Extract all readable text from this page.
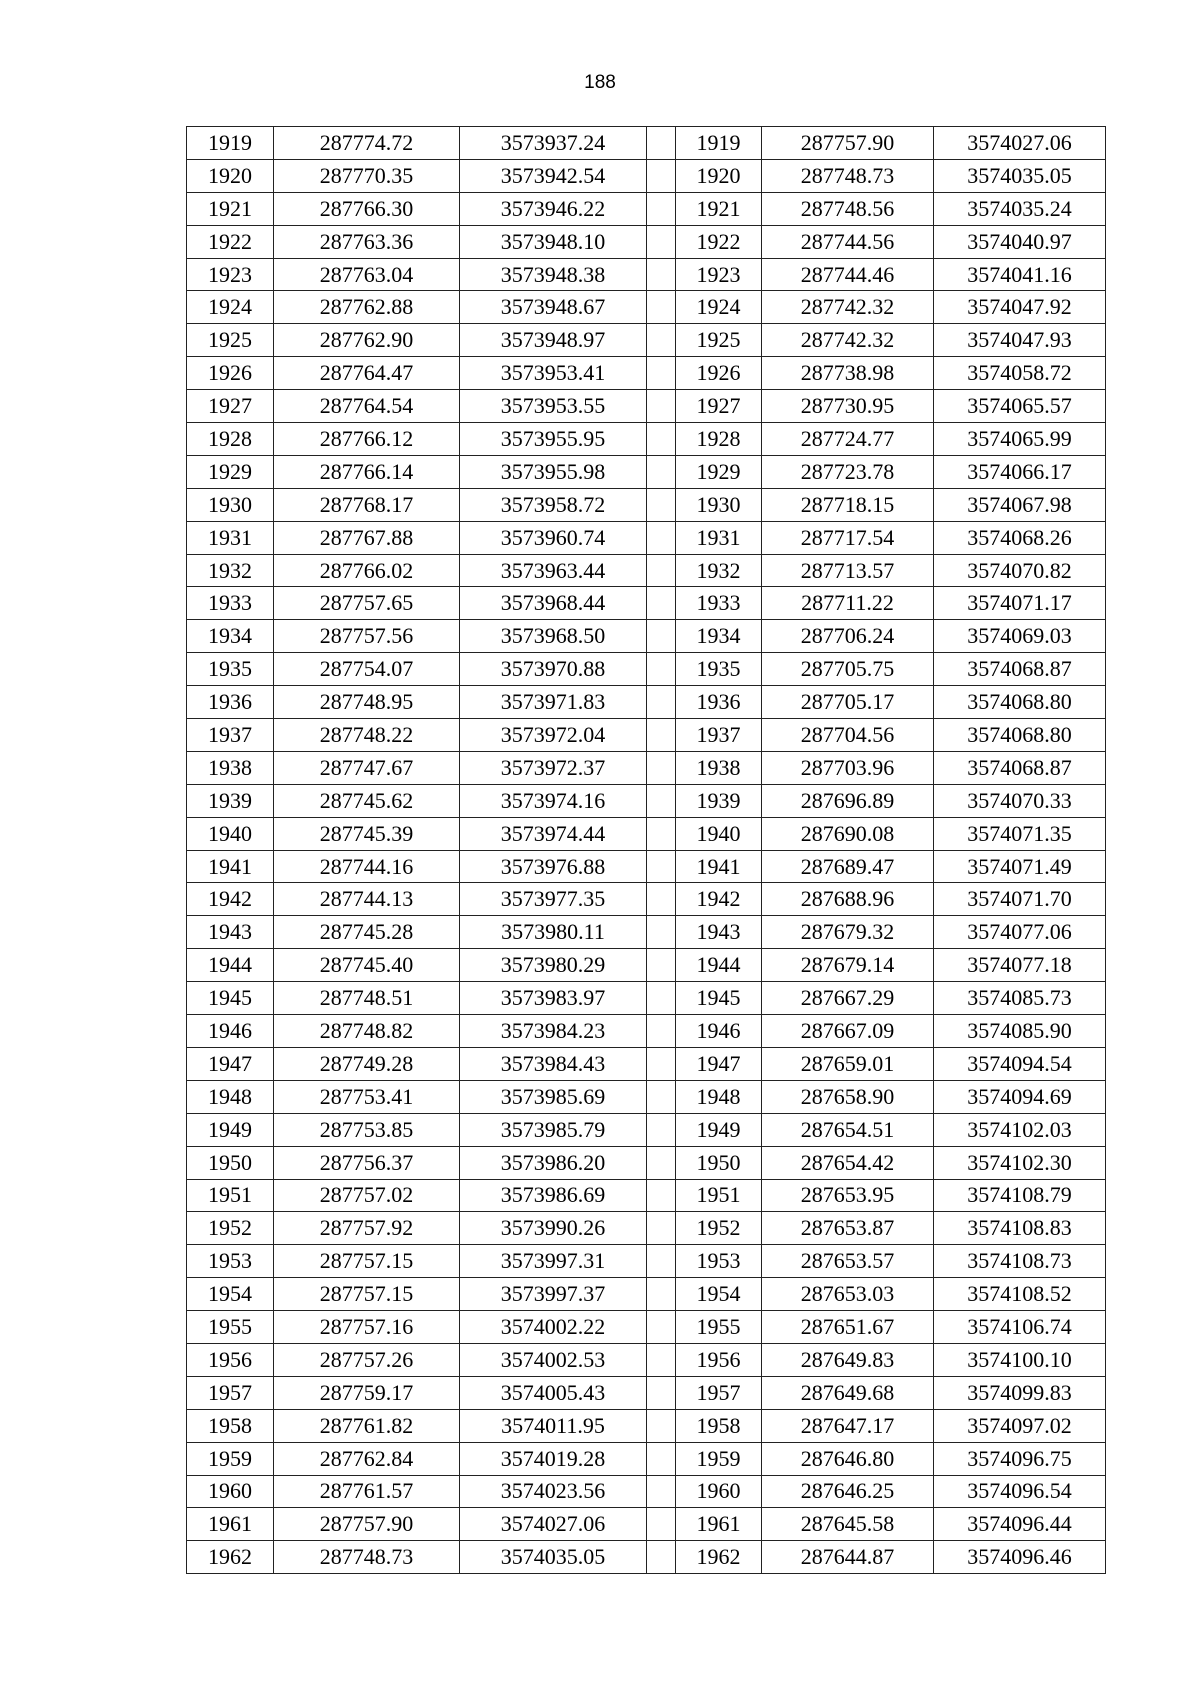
188
1919	287774.72	3573937.24		1919	287757.90	3574027.06
1920	287770.35	3573942.54		1920	287748.73	3574035.05
1921	287766.30	3573946.22		1921	287748.56	3574035.24
1922	287763.36	3573948.10		1922	287744.56	3574040.97
1923	287763.04	3573948.38		1923	287744.46	3574041.16
1924	287762.88	3573948.67		1924	287742.32	3574047.92
1925	287762.90	3573948.97		1925	287742.32	3574047.93
1926	287764.47	3573953.41		1926	287738.98	3574058.72
1927	287764.54	3573953.55		1927	287730.95	3574065.57
1928	287766.12	3573955.95		1928	287724.77	3574065.99
1929	287766.14	3573955.98		1929	287723.78	3574066.17
1930	287768.17	3573958.72		1930	287718.15	3574067.98
1931	287767.88	3573960.74		1931	287717.54	3574068.26
1932	287766.02	3573963.44		1932	287713.57	3574070.82
1933	287757.65	3573968.44		1933	287711.22	3574071.17
1934	287757.56	3573968.50		1934	287706.24	3574069.03
1935	287754.07	3573970.88		1935	287705.75	3574068.87
1936	287748.95	3573971.83		1936	287705.17	3574068.80
1937	287748.22	3573972.04		1937	287704.56	3574068.80
1938	287747.67	3573972.37		1938	287703.96	3574068.87
1939	287745.62	3573974.16		1939	287696.89	3574070.33
1940	287745.39	3573974.44		1940	287690.08	3574071.35
1941	287744.16	3573976.88		1941	287689.47	3574071.49
1942	287744.13	3573977.35		1942	287688.96	3574071.70
1943	287745.28	3573980.11		1943	287679.32	3574077.06
1944	287745.40	3573980.29		1944	287679.14	3574077.18
1945	287748.51	3573983.97		1945	287667.29	3574085.73
1946	287748.82	3573984.23		1946	287667.09	3574085.90
1947	287749.28	3573984.43		1947	287659.01	3574094.54
1948	287753.41	3573985.69		1948	287658.90	3574094.69
1949	287753.85	3573985.79		1949	287654.51	3574102.03
1950	287756.37	3573986.20		1950	287654.42	3574102.30
1951	287757.02	3573986.69		1951	287653.95	3574108.79
1952	287757.92	3573990.26		1952	287653.87	3574108.83
1953	287757.15	3573997.31		1953	287653.57	3574108.73
1954	287757.15	3573997.37		1954	287653.03	3574108.52
1955	287757.16	3574002.22		1955	287651.67	3574106.74
1956	287757.26	3574002.53		1956	287649.83	3574100.10
1957	287759.17	3574005.43		1957	287649.68	3574099.83
1958	287761.82	3574011.95		1958	287647.17	3574097.02
1959	287762.84	3574019.28		1959	287646.80	3574096.75
1960	287761.57	3574023.56		1960	287646.25	3574096.54
1961	287757.90	3574027.06		1961	287645.58	3574096.44
1962	287748.73	3574035.05		1962	287644.87	3574096.46
